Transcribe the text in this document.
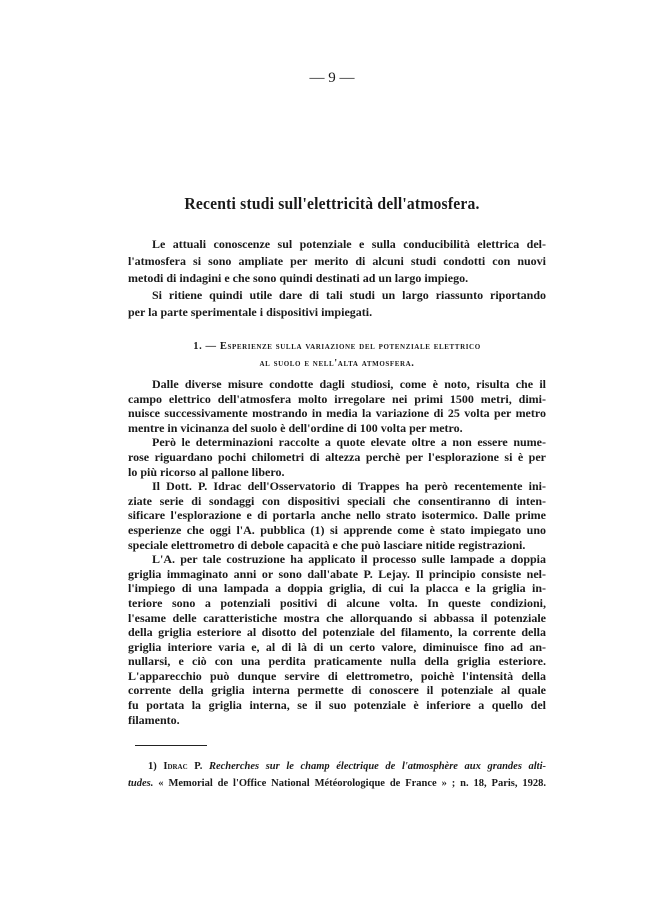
— 9 —
Recenti studi sull'elettricità dell'atmosfera.
Le attuali conoscenze sul potenziale e sulla conducibilità elettrica del-
l'atmosfera si sono ampliate per merito di alcuni studi condotti con nuovi
metodi di indagini e che sono quindi destinati ad un largo impiego.
Si ritiene quindi utile dare di tali studi un largo riassunto riportando
per la parte sperimentale i dispositivi impiegati.
1. — Esperienze sulla variazione del potenziale elettrico
al suolo e nell'alta atmosfera.
Dalle diverse misure condotte dagli studiosi, come è noto, risulta che il
campo elettrico dell'atmosfera molto irregolare nei primi 1500 metri, dimi-
nuisce successivamente mostrando in media la variazione di 25 volta per metro
mentre in vicinanza del suolo è dell'ordine di 100 volta per metro.
Però le determinazioni raccolte a quote elevate oltre a non essere nume-
rose riguardano pochi chilometri di altezza perchè per l'esplorazione si è per
lo più ricorso al pallone libero.
Il Dott. P. Idrac dell'Osservatorio di Trappes ha però recentemente ini-
ziate serie di sondaggi con dispositivi speciali che consentiranno di inten-
sificare l'esplorazione e di portarla anche nello strato isotermico. Dalle prime
esperienze che oggi l'A. pubblica (1) si apprende come è stato impiegato uno
speciale elettrometro di debole capacità e che può lasciare nitide registrazioni.
L'A. per tale costruzione ha applicato il processo sulle lampade a doppia
griglia immaginato anni or sono dall'abate P. Lejay. Il principio consiste nel-
l'impiego di una lampada a doppia griglia, di cui la placca e la griglia in-
teriore sono a potenziali positivi di alcune volta. In queste condizioni,
l'esame delle caratteristiche mostra che allorquando si abbassa il potenziale
della griglia esteriore al disotto del potenziale del filamento, la corrente della
griglia interiore varia e, al di là di un certo valore, diminuisce fino ad an-
nullarsi, e ciò con una perdita praticamente nulla della griglia esteriore.
L'apparecchio può dunque servire di elettrometro, poichè l'intensità della
corrente della griglia interna permette di conoscere il potenziale al quale
fu portata la griglia interna, se il suo potenziale è inferiore a quello del
filamento.
1) Idrac P. Recherches sur le champ électrique de l'atmosphère aux grandes alti-
tudes. « Memorial de l'Office National Météorologique de France » ; n. 18, Paris, 1928.
